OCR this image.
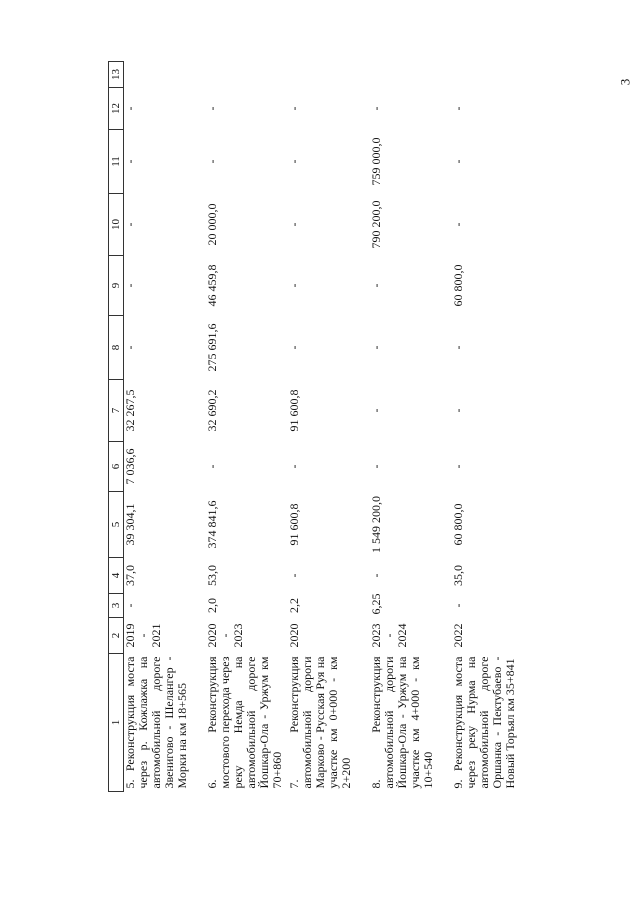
3
1	2	3	4	5	6	7	8	9	10	11	12	13
5. Реконструкция моста через р. Кожлажка на автомобильной дороге Звенигово - Шелангер - Морки на км 18+565	2019 - 2021	-	37,0	39 304,1	7 036,6	32 267,5	-	-	-	-	-	
6. Реконструкция мостового перехода через реку Немда на автомобильной дороге Йошкар-Ола - Уржум км 70+860	2020 - 2023	2,0	53,0	374 841,6	-	32 690,2	275 691,6	46 459,8	20 000,0	-	-	
7. Реконструкция автомобильной дороги Марково - Русская Руя на участке км 0+000 - км 2+200	2020	2,2	-	91 600,8	-	91 600,8	-	-	-	-	-	
8. Реконструкция автомобильной дороги Йошкар-Ола - Уржум на участке км 4+000 - км 10+540	2023 - 2024	6,25	-	1 549 200,0	-	-	-	-	790 200,0	759 000,0	-	
9. Реконструкция моста через реку Нурма на автомобильной дороге Оршанка - Пектубаево - Новый Торъял км 35+841	2022	-	35,0	60 800,0	-	-	-	60 800,0	-	-	-	
